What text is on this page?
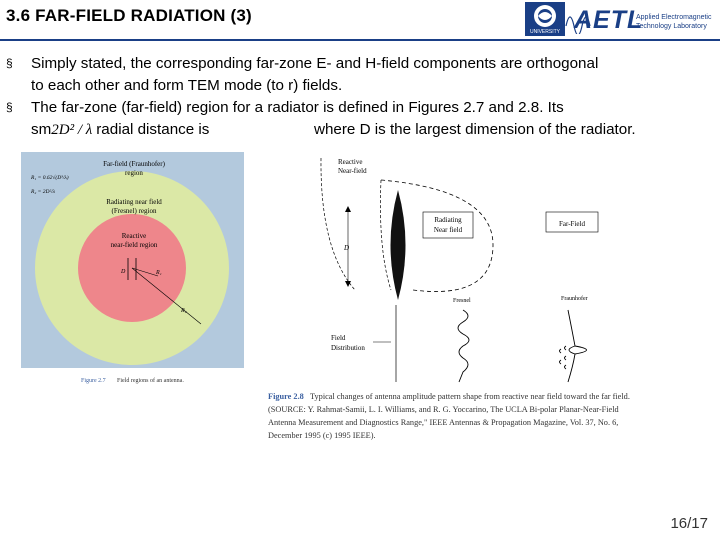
3.6 FAR-FIELD RADIATION (3)
UNIVERSITY AETL
Applied Electromagnetic
Technology Laboratory
§ Simply stated, the corresponding far-zone E- and H-field components are orthogonal
to each other and form TEM mode (to r) fields.
§ The far-zone (far-field) region for a radiator is defined in Figures 2.7 and 2.8. Its
sm2D² / λ radial distance is	where D is the largest dimension of the radiator.
Far-field (Fraunhofer)
region
R₁ = 0.62√(D³/λ)
R₂ = 2D²/λ
Radiating near field
(Fresnel) region
Reactive
near-field region
D	R₁
R₂
Figure 2.7 Field regions of an antenna.
Reactive
Near-field
D
Radiating
Near field
Far-Field
Fresnel	Fraunhofer
Field
Distribution
Figure 2.8 Typical changes of antenna amplitude pattern shape from reactive near field toward the far field.
(SOURCE: Y. Rahmat-Samii, L. I. Williams, and R. G. Yoccarino, The UCLA Bi-polar Planar-Near-Field
Antenna Measurement and Diagnostics Range," IEEE Antennas & Propagation Magazine, Vol. 37, No. 6,
December 1995 (c) 1995 IEEE).
16/17
